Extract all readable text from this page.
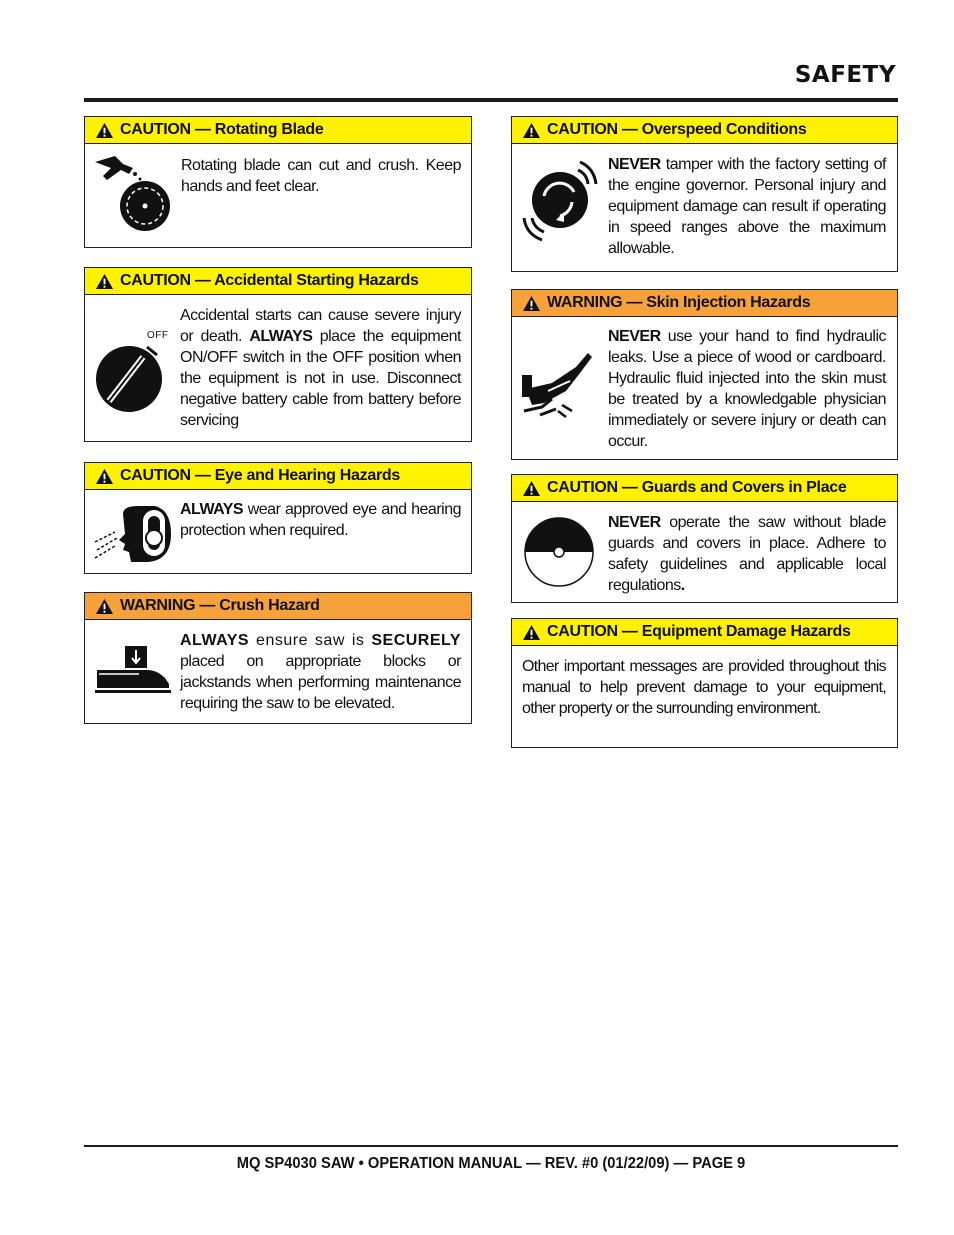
SAFETY
CAUTION — Rotating Blade
Rotating blade can cut and crush. Keep hands and feet clear.
CAUTION — Accidental Starting Hazards
OFF
Accidental starts can cause severe injury or death. ALWAYS place the equipment ON/OFF switch in the OFF position when the equipment is not in use. Disconnect negative battery cable from battery before servicing
CAUTION — Eye and Hearing Hazards
ALWAYS wear approved eye and hearing protection when required.
WARNING — Crush Hazard
ALWAYS ensure saw is SECURELY placed on appropriate blocks or jackstands when performing maintenance requiring the saw to be elevated.
CAUTION — Overspeed Conditions
NEVER tamper with the factory setting of the engine governor. Personal injury and equipment damage can result if operating in speed ranges above the maximum allowable.
WARNING — Skin Injection Hazards
NEVER use your hand to find hydraulic leaks. Use a piece of wood or cardboard. Hydraulic fluid injected into the skin must be treated by a knowledgable physician immediately or severe injury or death can occur.
CAUTION — Guards and Covers in Place
NEVER operate the saw without blade guards and covers in place. Adhere to safety guidelines and applicable local regulations.
CAUTION — Equipment Damage Hazards
Other important messages are provided throughout this manual to help prevent damage to your equipment, other property or the surrounding environment.
MQ SP4030 SAW • OPERATION MANUAL — REV. #0 (01/22/09) — PAGE 9
